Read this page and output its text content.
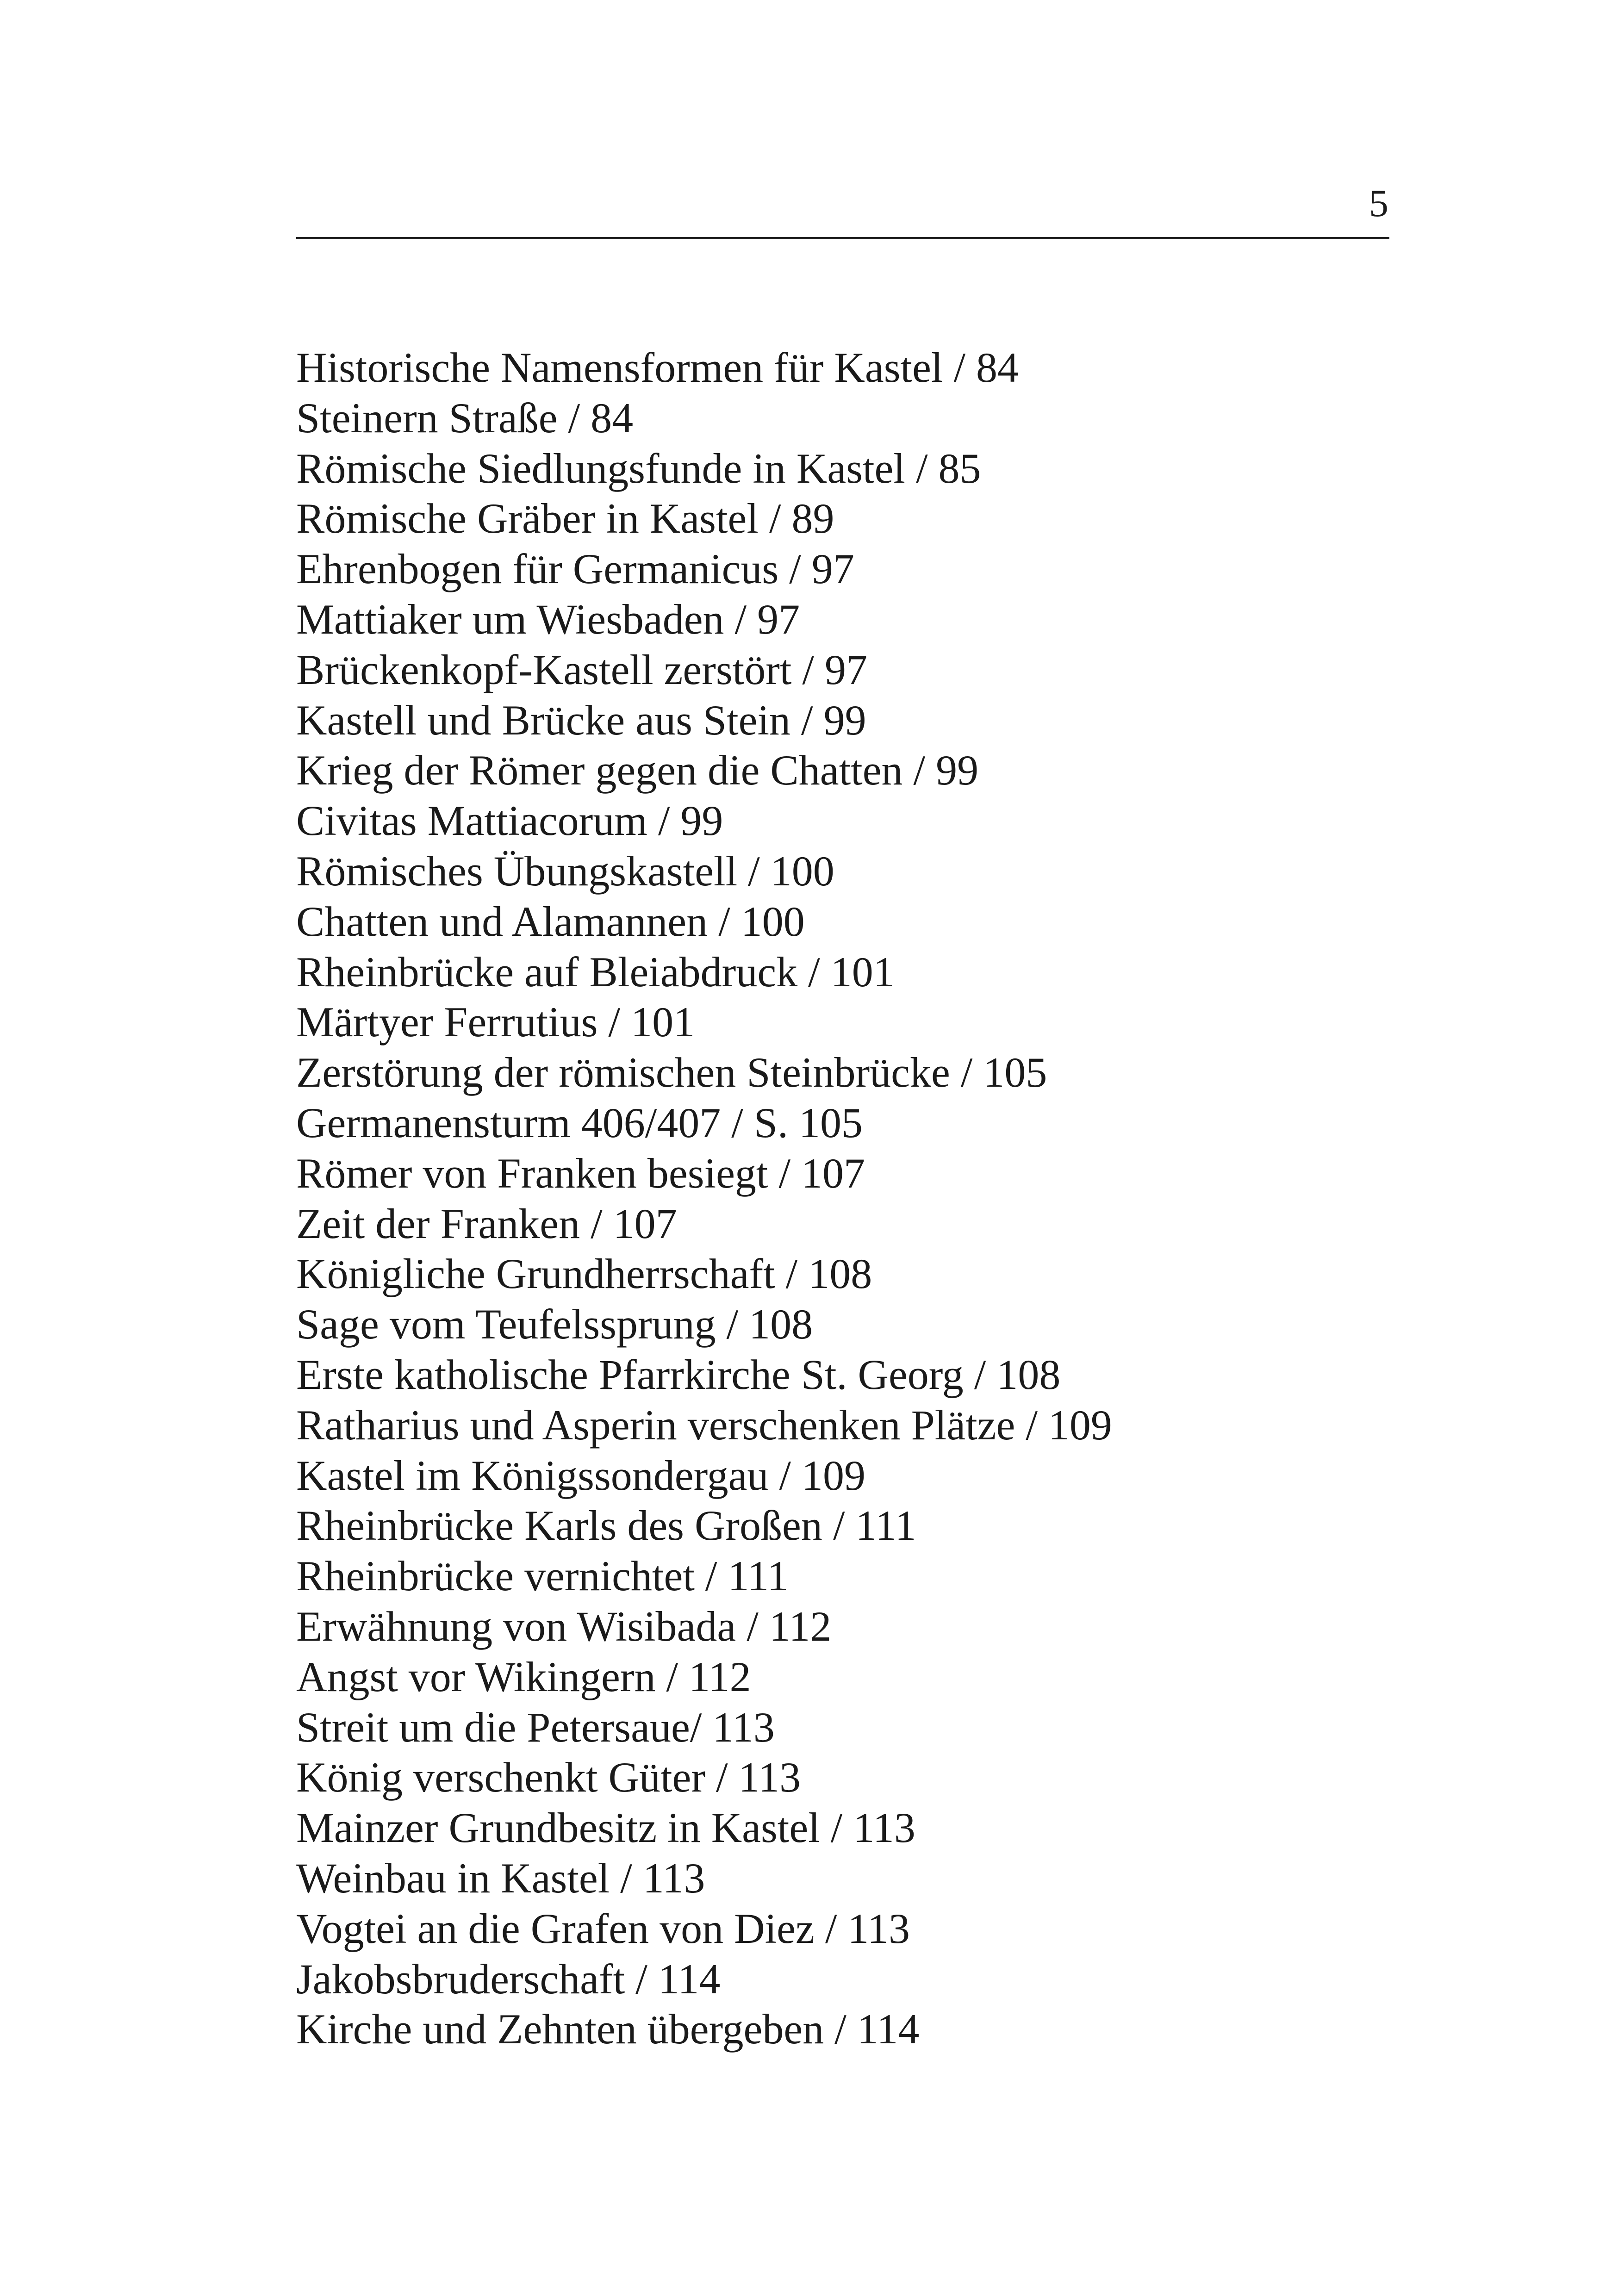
5
Historische Namensformen für Kastel / 84
Steinern Straße / 84
Römische Siedlungsfunde in Kastel / 85
Römische Gräber in Kastel / 89
Ehrenbogen für Germanicus / 97
Mattiaker um Wiesbaden / 97
Brückenkopf-Kastell zerstört / 97
Kastell und Brücke aus Stein / 99
Krieg der Römer gegen die Chatten / 99
Civitas Mattiacorum / 99
Römisches Übungskastell / 100
Chatten und Alamannen / 100
Rheinbrücke auf Bleiabdruck / 101
Märtyer Ferrutius / 101
Zerstörung der römischen Steinbrücke / 105
Germanensturm 406/407 / S. 105
Römer von Franken besiegt / 107
Zeit der Franken / 107
Königliche Grundherrschaft / 108
Sage vom Teufelssprung / 108
Erste katholische Pfarrkirche St. Georg / 108
Ratharius und Asperin verschenken Plätze / 109
Kastel im Königssondergau / 109
Rheinbrücke Karls des Großen / 111
Rheinbrücke vernichtet / 111
Erwähnung von Wisibada / 112
Angst vor Wikingern / 112
Streit um die Petersaue/ 113
König verschenkt Güter / 113
Mainzer Grundbesitz in Kastel / 113
Weinbau in Kastel / 113
Vogtei an die Grafen von Diez / 113
Jakobsbruderschaft / 114
Kirche und Zehnten übergeben / 114
